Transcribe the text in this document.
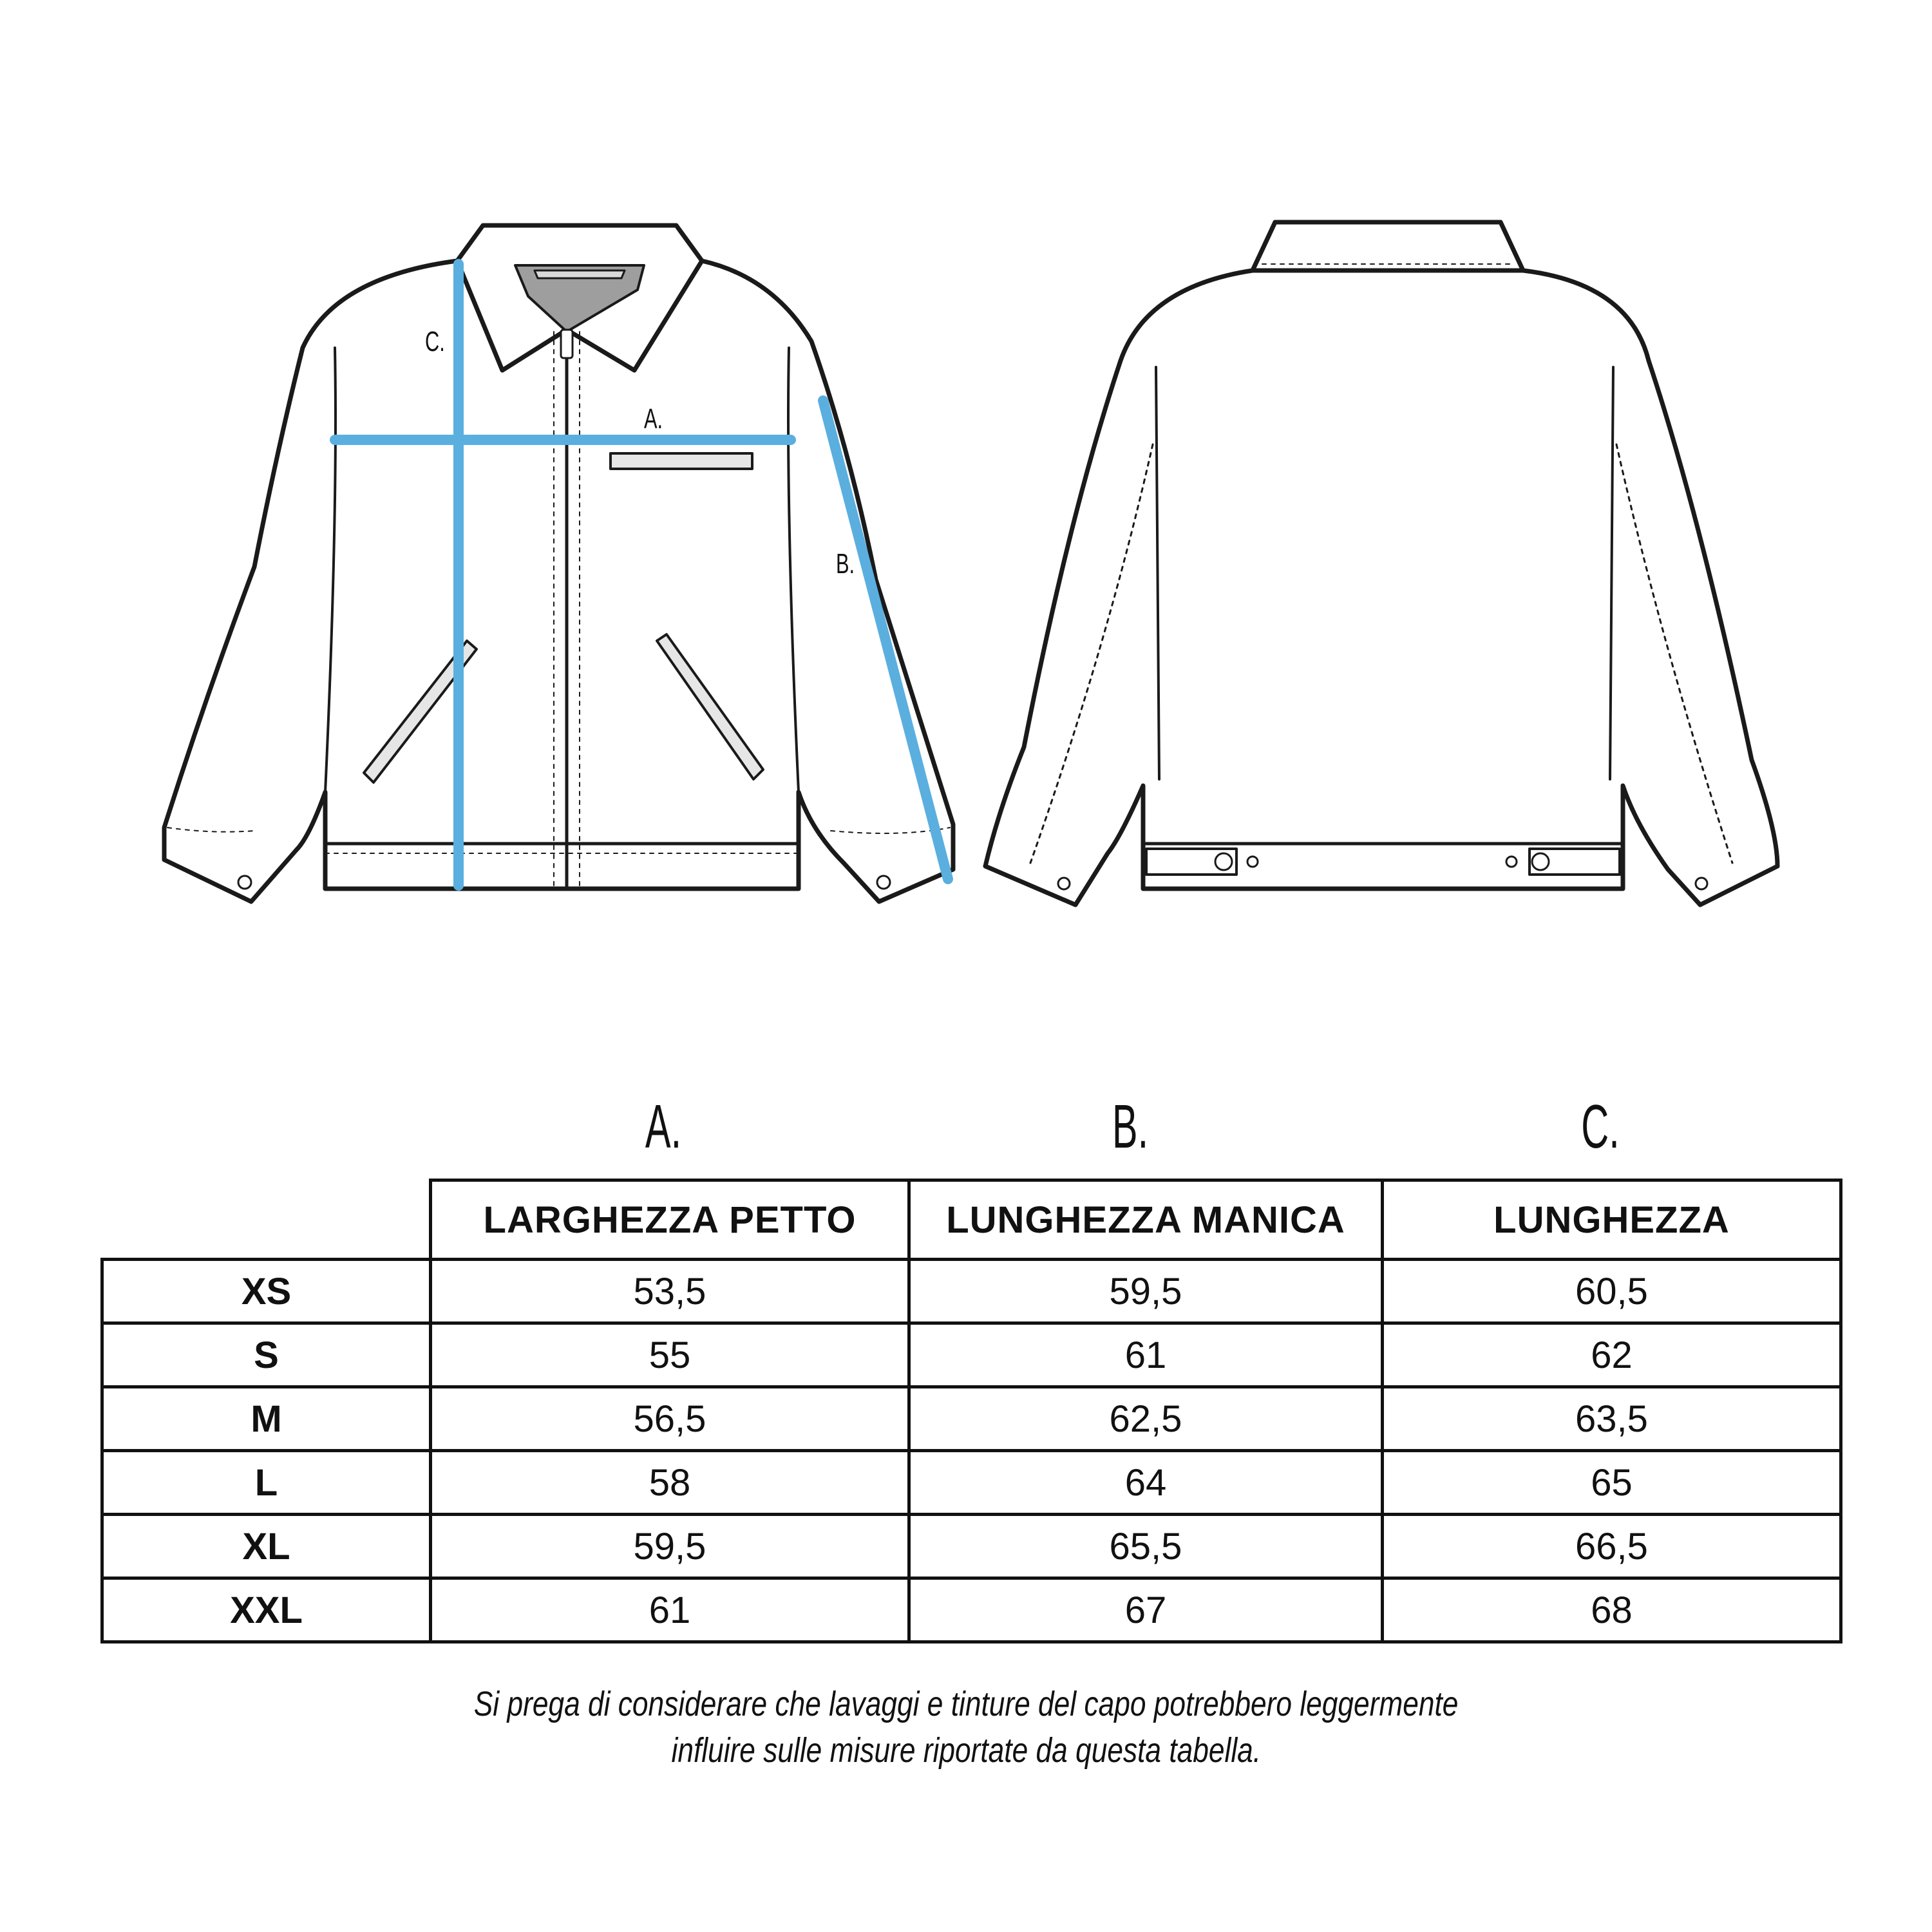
C.
A.
B.
A.	B.	C.
	LARGHEZZA PETTO	LUNGHEZZA MANICA	LUNGHEZZA
XS	53,5	59,5	60,5
S	55	61	62
M	56,5	62,5	63,5
L	58	64	65
XL	59,5	65,5	66,5
XXL	61	67	68
Si prega di considerare che lavaggi e tinture del capo potrebbero leggermente
influire sulle misure riportate da questa tabella.
